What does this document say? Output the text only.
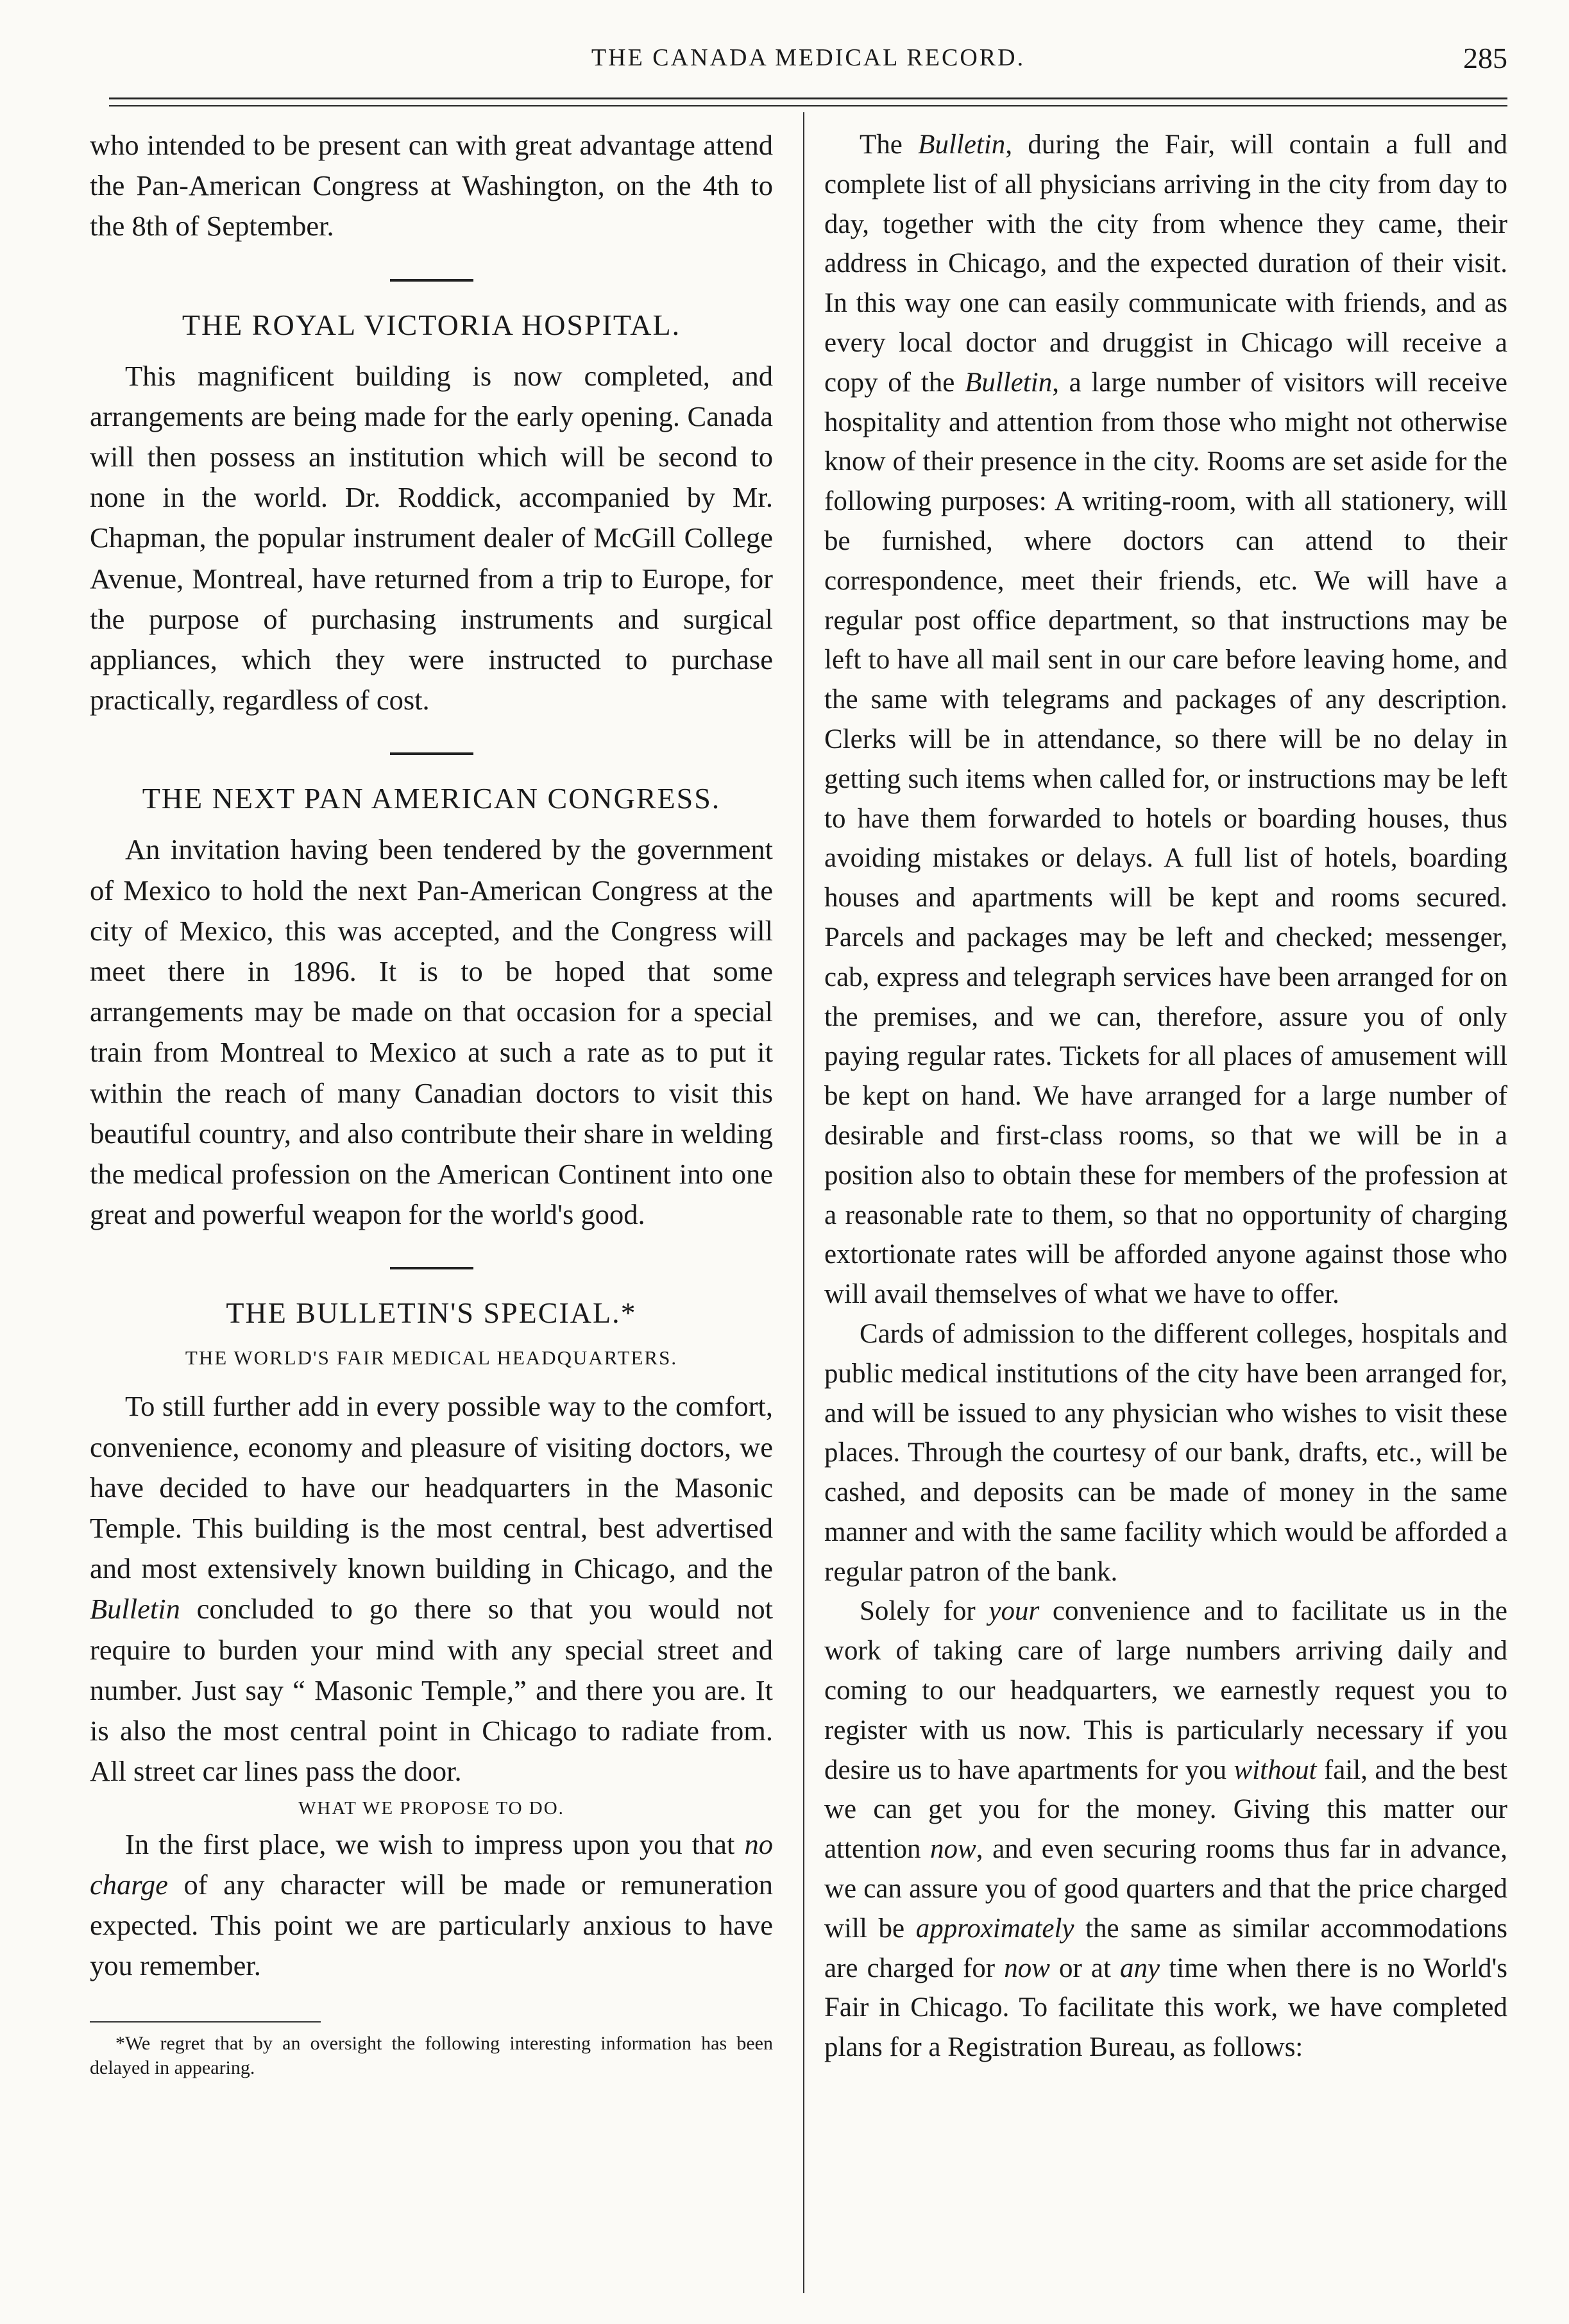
THE CANADA MEDICAL RECORD.	285

who intended to be present can with great advantage attend the Pan-American Congress at Washington, on the 4th to the 8th of September.

THE ROYAL VICTORIA HOSPITAL.

This magnificent building is now completed, and arrangements are being made for the early opening. Canada will then possess an institution which will be second to none in the world. Dr. Roddick, accompanied by Mr. Chapman, the popular instrument dealer of McGill College Avenue, Montreal, have returned from a trip to Europe, for the purpose of purchasing instruments and surgical appliances, which they were instructed to purchase practically, regardless of cost.

THE NEXT PAN AMERICAN CONGRESS.

An invitation having been tendered by the government of Mexico to hold the next Pan-American Congress at the city of Mexico, this was accepted, and the Congress will meet there in 1896. It is to be hoped that some arrangements may be made on that occasion for a special train from Montreal to Mexico at such a rate as to put it within the reach of many Canadian doctors to visit this beautiful country, and also contribute their share in welding the medical profession on the American Continent into one great and powerful weapon for the world's good.

THE BULLETIN'S SPECIAL.*
THE WORLD'S FAIR MEDICAL HEADQUARTERS.

To still further add in every possible way to the comfort, convenience, economy and pleasure of visiting doctors, we have decided to have our headquarters in the Masonic Temple. This building is the most central, best advertised and most extensively known building in Chicago, and the Bulletin concluded to go there so that you would not require to burden your mind with any special street and number. Just say “ Masonic Temple,” and there you are. It is also the most central point in Chicago to radiate from. All street car lines pass the door.

WHAT WE PROPOSE TO DO.

In the first place, we wish to impress upon you that no charge of any character will be made or remuneration expected. This point we are particularly anxious to have you remember.

*We regret that by an oversight the following interesting information has been delayed in appearing.

The Bulletin, during the Fair, will contain a full and complete list of all physicians arriving in the city from day to day, together with the city from whence they came, their address in Chicago, and the expected duration of their visit. In this way one can easily communicate with friends, and as every local doctor and druggist in Chicago will receive a copy of the Bulletin, a large number of visitors will receive hospitality and attention from those who might not otherwise know of their presence in the city. Rooms are set aside for the following purposes: A writing-room, with all stationery, will be furnished, where doctors can attend to their correspondence, meet their friends, etc. We will have a regular post office department, so that instructions may be left to have all mail sent in our care before leaving home, and the same with telegrams and packages of any description. Clerks will be in attendance, so there will be no delay in getting such items when called for, or instructions may be left to have them forwarded to hotels or boarding houses, thus avoiding mistakes or delays. A full list of hotels, boarding houses and apartments will be kept and rooms secured. Parcels and packages may be left and checked; messenger, cab, express and telegraph services have been arranged for on the premises, and we can, therefore, assure you of only paying regular rates. Tickets for all places of amusement will be kept on hand. We have arranged for a large number of desirable and first-class rooms, so that we will be in a position also to obtain these for members of the profession at a reasonable rate to them, so that no opportunity of charging extortionate rates will be afforded anyone against those who will avail themselves of what we have to offer.

Cards of admission to the different colleges, hospitals and public medical institutions of the city have been arranged for, and will be issued to any physician who wishes to visit these places. Through the courtesy of our bank, drafts, etc., will be cashed, and deposits can be made of money in the same manner and with the same facility which would be afforded a regular patron of the bank.

Solely for your convenience and to facilitate us in the work of taking care of large numbers arriving daily and coming to our headquarters, we earnestly request you to register with us now. This is particularly necessary if you desire us to have apartments for you without fail, and the best we can get you for the money. Giving this matter our attention now, and even securing rooms thus far in advance, we can assure you of good quarters and that the price charged will be approximately the same as similar accommodations are charged for now or at any time when there is no World's Fair in Chicago. To facilitate this work, we have completed plans for a Registration Bureau, as follows:
